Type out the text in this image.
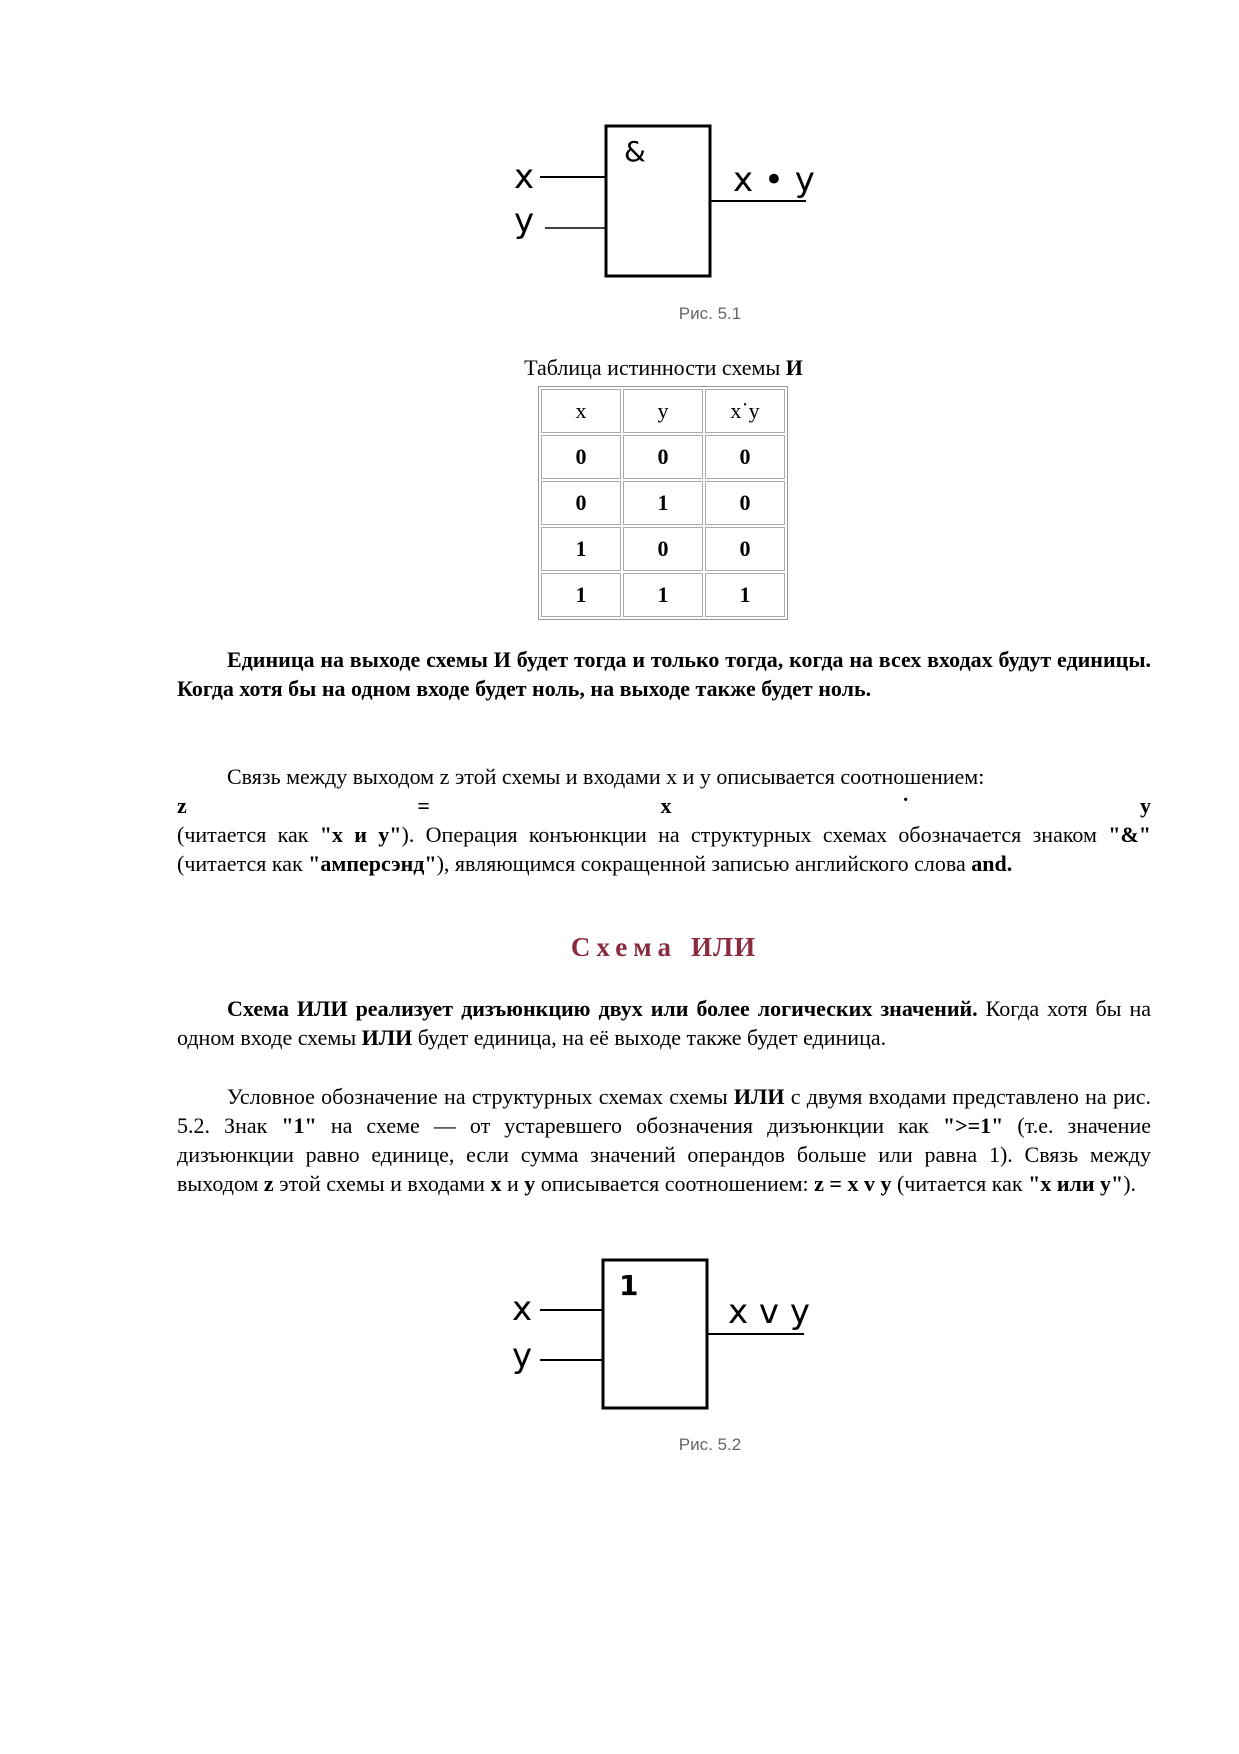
&
x
y
x • y
Рис. 5.1
Таблица истинности схемы И
x	y	x˙y
0	0	0
0	1	0
1	0	0
1	1	1
Единица на выходе схемы И будет тогда и только тогда, когда на всех входах будут единицы. Когда хотя бы на одном входе будет ноль, на выходе также будет ноль.
Связь между выходом z этой схемы и входами x и y описывается соотношением:
z	=	x	˙	y
(читается как "x и y"). Операция конъюнкции на структурных схемах обозначается знаком "&" (читается как "амперсэнд"), являющимся сокращенной записью английского слова and.
Схема ИЛИ
Схема ИЛИ реализует дизъюнкцию двух или более логических значений. Когда хотя бы на одном входе схемы ИЛИ будет единица, на её выходе также будет единица.
Условное обозначение на структурных схемах схемы ИЛИ с двумя входами представлено на рис. 5.2. Знак "1" на схеме — от устаревшего обозначения дизъюнкции как ">=1" (т.е. значение дизъюнкции равно единице, если сумма значений операндов больше или равна 1). Связь между выходом z этой схемы и входами x и y описывается соотношением: z = x v y (читается как "x или y").
1
x
y
x v y
Рис. 5.2
